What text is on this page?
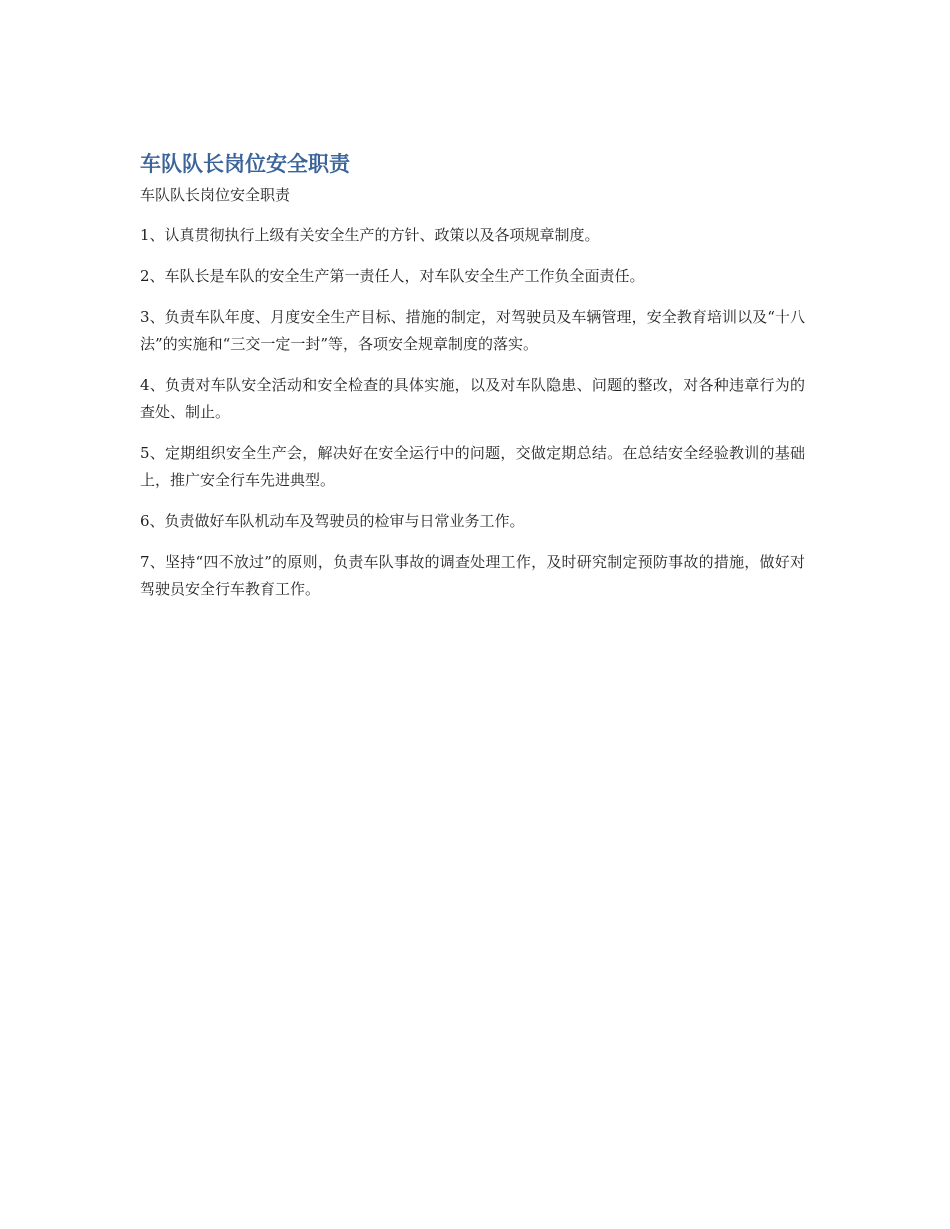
车队队长岗位安全职责

车队队长岗位安全职责

1、认真贯彻执行上级有关安全生产的方针、政策以及各项规章制度。

2、车队长是车队的安全生产第一责任人，对车队安全生产工作负全面责任。

3、负责车队年度、月度安全生产目标、措施的制定，对驾驶员及车辆管理，安全教育培训以及“十八法”的实施和“三交一定一封”等，各项安全规章制度的落实。

4、负责对车队安全活动和安全检查的具体实施，以及对车队隐患、问题的整改，对各种违章行为的查处、制止。

5、定期组织安全生产会，解决好在安全运行中的问题，交做定期总结。在总结安全经验教训的基础上，推广安全行车先进典型。

6、负责做好车队机动车及驾驶员的检审与日常业务工作。

7、坚持“四不放过”的原则，负责车队事故的调查处理工作，及时研究制定预防事故的措施，做好对驾驶员安全行车教育工作。
